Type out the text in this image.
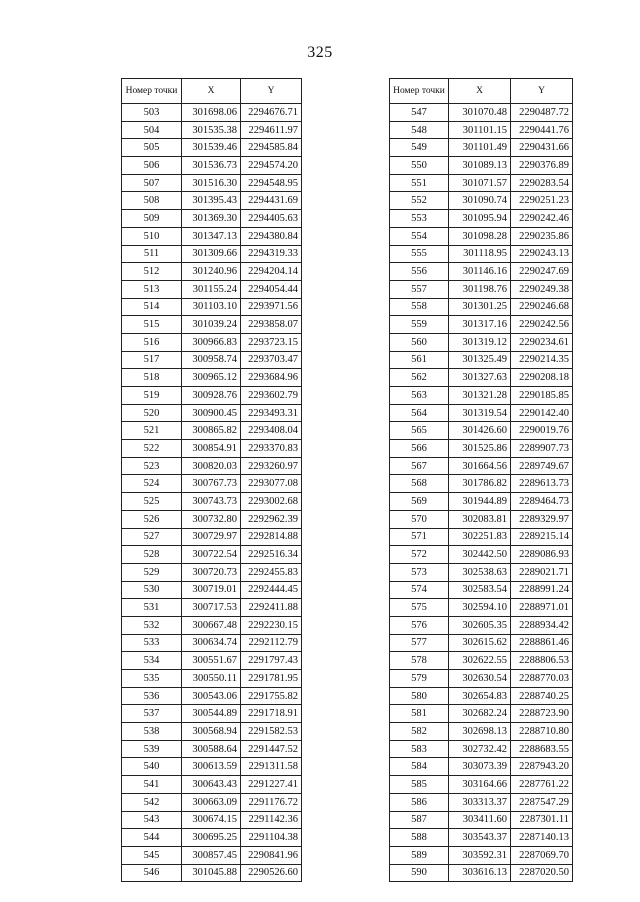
325
Номер точки	X	Y
503	301698.06	2294676.71
504	301535.38	2294611.97
505	301539.46	2294585.84
506	301536.73	2294574.20
507	301516.30	2294548.95
508	301395.43	2294431.69
509	301369.30	2294405.63
510	301347.13	2294380.84
511	301309.66	2294319.33
512	301240.96	2294204.14
513	301155.24	2294054.44
514	301103.10	2293971.56
515	301039.24	2293858.07
516	300966.83	2293723.15
517	300958.74	2293703.47
518	300965.12	2293684.96
519	300928.76	2293602.79
520	300900.45	2293493.31
521	300865.82	2293408.04
522	300854.91	2293370.83
523	300820.03	2293260.97
524	300767.73	2293077.08
525	300743.73	2293002.68
526	300732.80	2292962.39
527	300729.97	2292814.88
528	300722.54	2292516.34
529	300720.73	2292455.83
530	300719.01	2292444.45
531	300717.53	2292411.88
532	300667.48	2292230.15
533	300634.74	2292112.79
534	300551.67	2291797.43
535	300550.11	2291781.95
536	300543.06	2291755.82
537	300544.89	2291718.91
538	300568.94	2291582.53
539	300588.64	2291447.52
540	300613.59	2291311.58
541	300643.43	2291227.41
542	300663.09	2291176.72
543	300674.15	2291142.36
544	300695.25	2291104.38
545	300857.45	2290841.96
546	301045.88	2290526.60
Номер точки	X	Y
547	301070.48	2290487.72
548	301101.15	2290441.76
549	301101.49	2290431.66
550	301089.13	2290376.89
551	301071.57	2290283.54
552	301090.74	2290251.23
553	301095.94	2290242.46
554	301098.28	2290235.86
555	301118.95	2290243.13
556	301146.16	2290247.69
557	301198.76	2290249.38
558	301301.25	2290246.68
559	301317.16	2290242.56
560	301319.12	2290234.61
561	301325.49	2290214.35
562	301327.63	2290208.18
563	301321.28	2290185.85
564	301319.54	2290142.40
565	301426.60	2290019.76
566	301525.86	2289907.73
567	301664.56	2289749.67
568	301786.82	2289613.73
569	301944.89	2289464.73
570	302083.81	2289329.97
571	302251.83	2289215.14
572	302442.50	2289086.93
573	302538.63	2289021.71
574	302583.54	2288991.24
575	302594.10	2288971.01
576	302605.35	2288934.42
577	302615.62	2288861.46
578	302622.55	2288806.53
579	302630.54	2288770.03
580	302654.83	2288740.25
581	302682.24	2288723.90
582	302698.13	2288710.80
583	302732.42	2288683.55
584	303073.39	2287943.20
585	303164.66	2287761.22
586	303313.37	2287547.29
587	303411.60	2287301.11
588	303543.37	2287140.13
589	303592.31	2287069.70
590	303616.13	2287020.50
